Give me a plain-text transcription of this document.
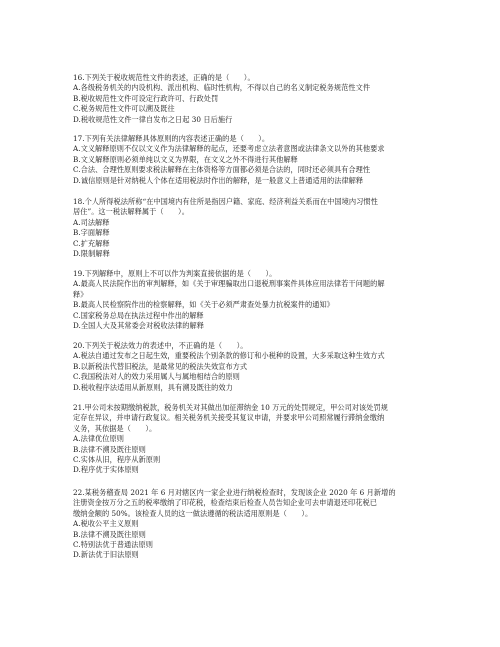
16.下列关于税收规范性文件的表述，正确的是（　　）。
A.各级税务机关的内设机构、派出机构、临时性机构，不得以自己的名义制定税务规范性文件
B.税收规范性文件可设定行政许可、行政处罚
C.税务规范性文件可以溯及既往
D.税收规范性文件一律自发布之日起 30 日后施行
17.下列有关法律解释具体原则的内容表述正确的是（　　）。
A.文义解释原则不仅以文义作为法律解释的起点，还要考虑立法者意图或法律条文以外的其他要求
B.文义解释原则必须单纯以文义为界限，在文义之外不得进行其他解释
C.合法、合理性原则要求税法解释在主体资格等方面都必须是合法的，同时还必须具有合理性
D.诚信原则是针对纳税人个体在适用税法时作出的解释，是一般意义上普通适用的法律解释
18.个人所得税法所称“在中国境内有住所是指因户籍、家庭、经济利益关系而在中国境内习惯性
居住”。这一税法解释属于（　　）。
A.司法解释
B.字面解释
C.扩充解释
D.限制解释
19.下列解释中，原则上不可以作为判案直接依据的是（　　）。
A.最高人民法院作出的审判解释，如《关于审理骗取出口退税刑事案件具体应用法律若干问题的解
释》
B.最高人民检察院作出的检察解释，如《关于必须严肃查处暴力抗税案件的通知》
C.国家税务总局在执法过程中作出的解释
D.全国人大及其常委会对税收法律的解释
20.下列关于税法效力的表述中，不正确的是（　　）。
A.税法自通过发布之日起生效，重要税法个别条款的修订和小税种的设置，大多采取这种生效方式
B.以新税法代替旧税法，是最常见的税法失效宣布方式
C.我国税法对人的效力采用属人与属地相结合的原则
D.税收程序法适用从新原则，具有溯及既往的效力
21.甲公司未按期缴纳税款，税务机关对其做出加征滞纳金 10 万元的处罚规定，甲公司对该处罚规
定存在异议，并申请行政复议。相关税务机关接受其复议申请，并要求甲公司照常履行滞纳金缴纳
义务，其依据是（　　）。
A.法律优位原则
B.法律不溯及既往原则
C.实体从旧，程序从新原则
D.程序优于实体原则
22.某税务稽查局 2021 年 6 月对辖区内一家企业进行纳税检查时，发现该企业 2020 年 6 月新增的
注册资金按万分之五的税率缴纳了印花税，检查结束后检查人员告知企业可去申请退还印花税已
缴纳金额的 50%。该检查人员的这一做法遵循的税法适用原则是（　　）。
A.税收公平主义原则
B.法律不溯及既往原则
C.特别法优于普通法原则
D.新法优于旧法原则
